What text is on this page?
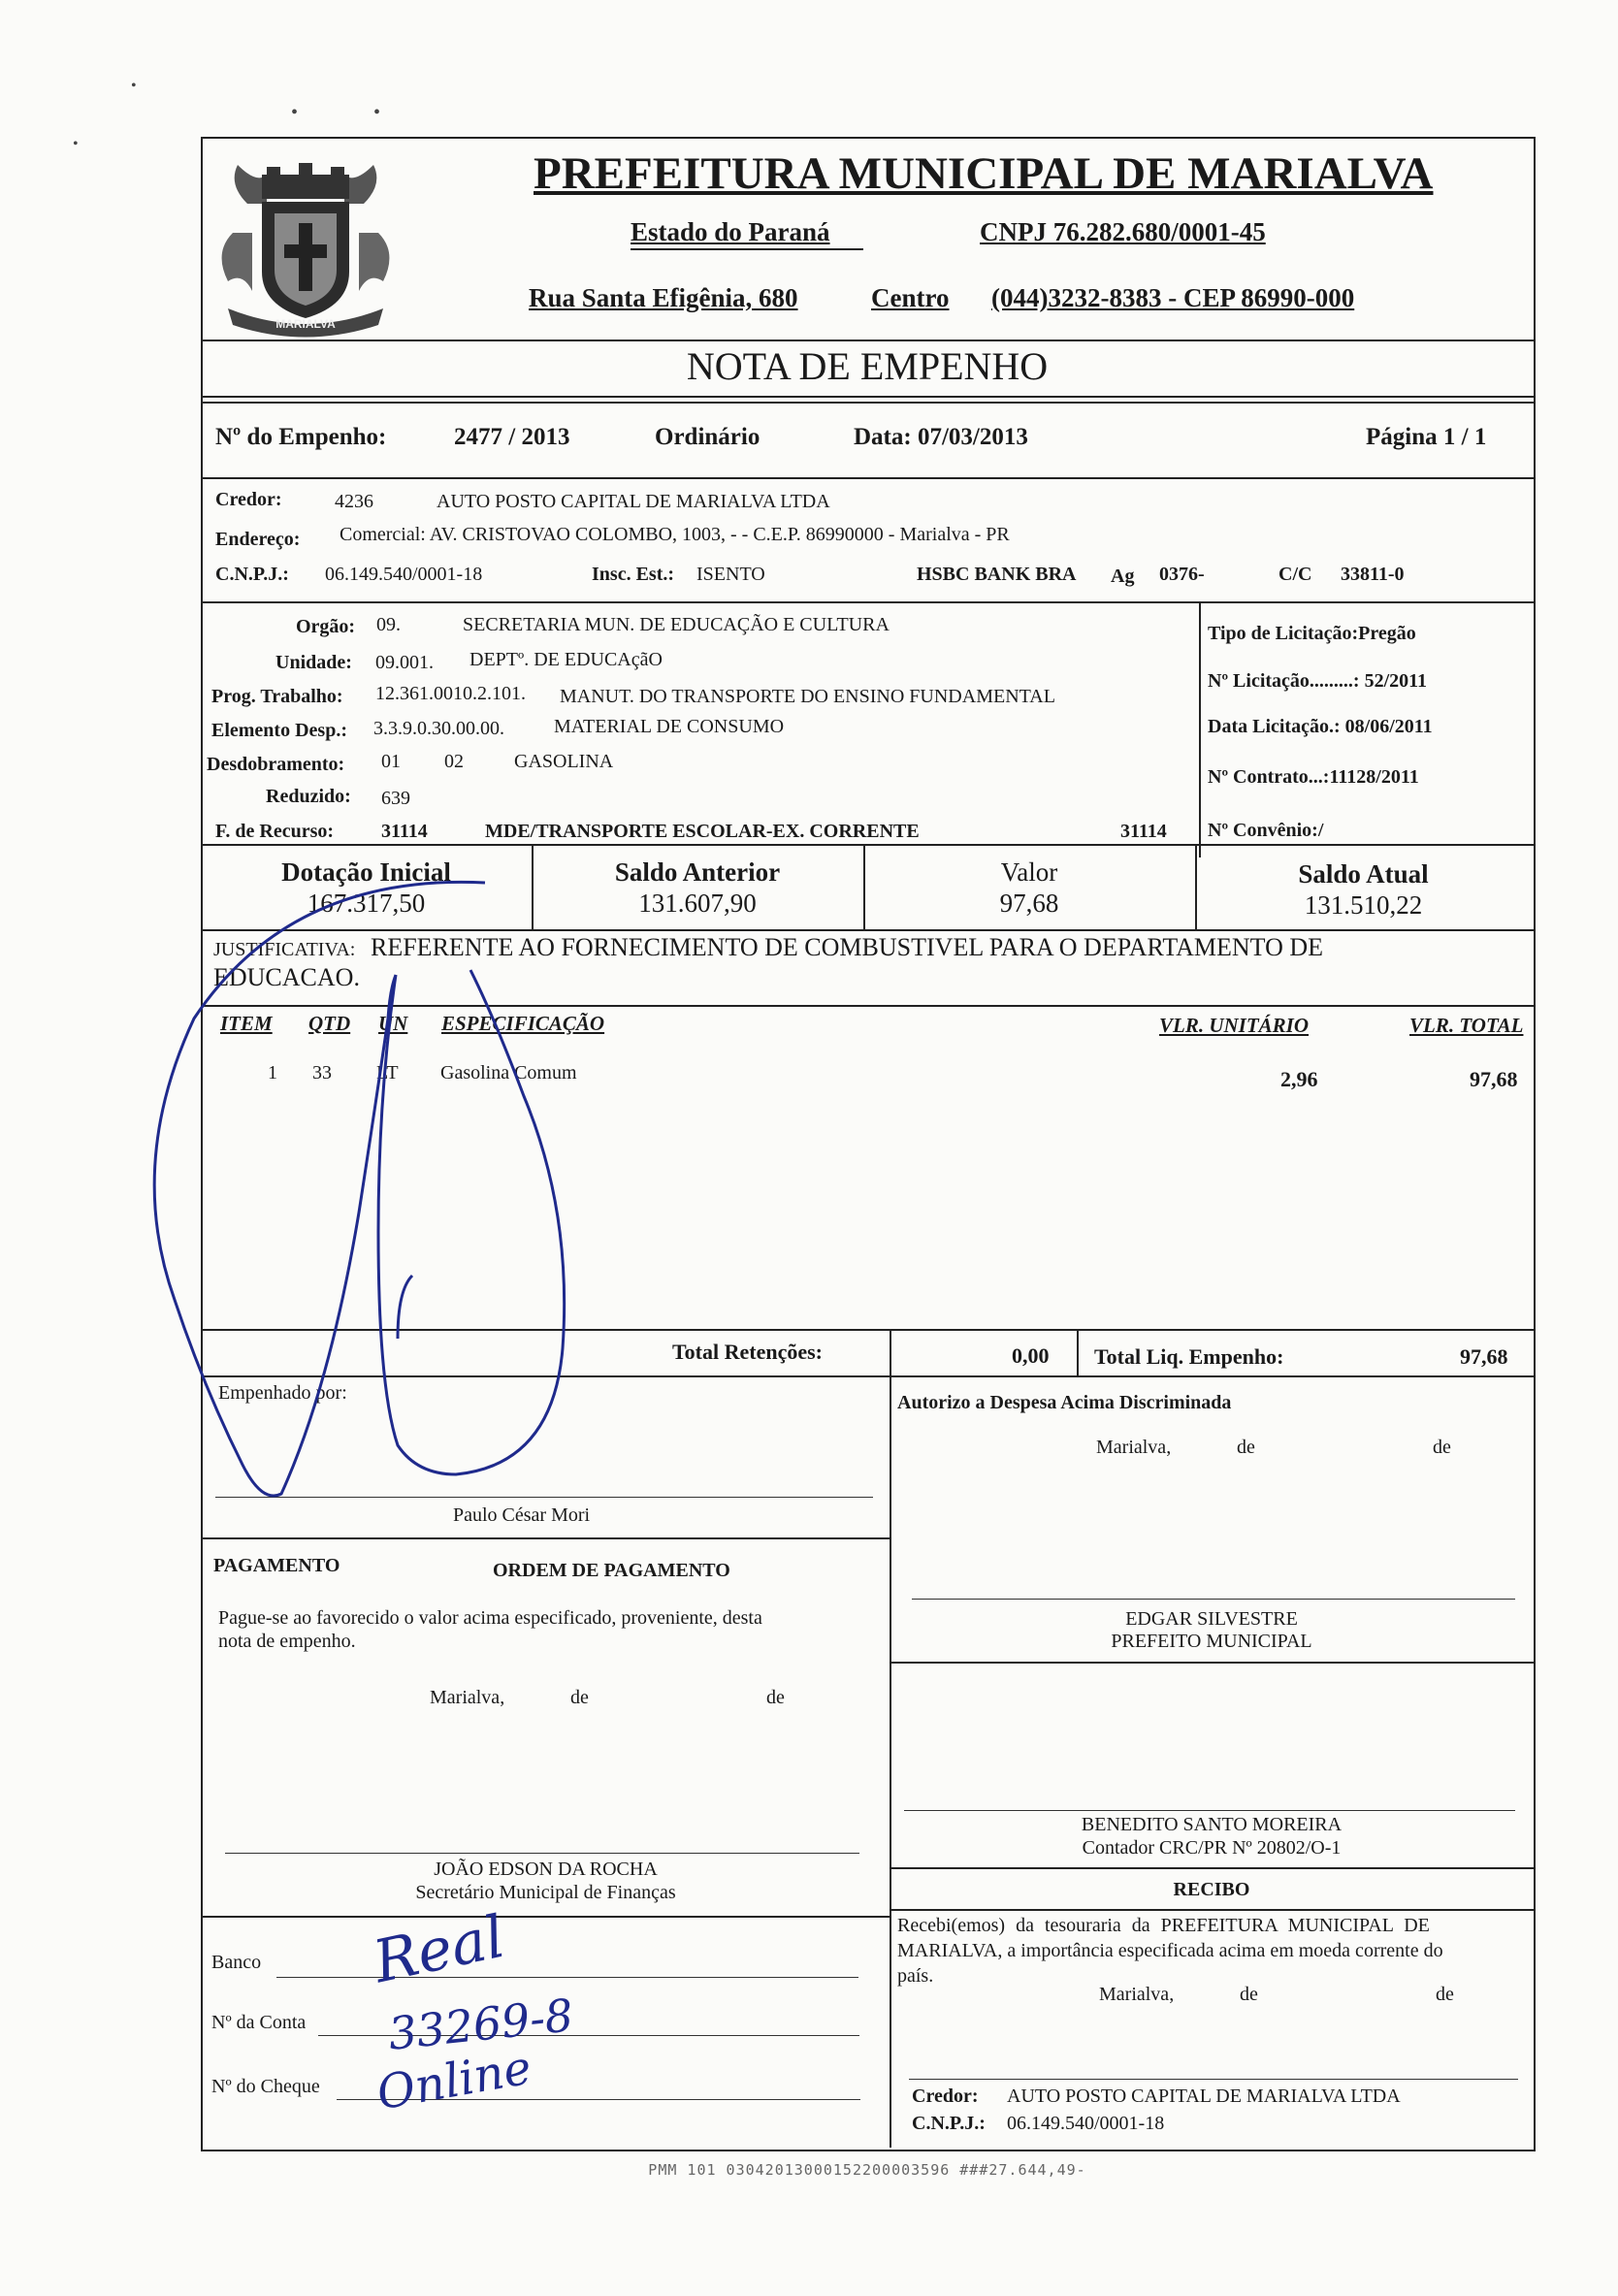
•	•
•
•
MARIALVA
PREFEITURA MUNICIPAL DE MARIALVA
Estado do Paraná	CNPJ 76.282.680/0001-45
Rua Santa Efigênia, 680	Centro (044)3232-8383 - CEP 86990-000
NOTA DE EMPENHO
Nº do Empenho:	2477 / 2013	Ordinário	Data: 07/03/2013	Página 1 / 1
Credor:	4236	AUTO POSTO CAPITAL DE MARIALVA LTDA
Endereço: Comercial: AV. CRISTOVAO COLOMBO, 1003, - - C.E.P. 86990000 - Marialva - PR
C.N.P.J.: 06.149.540/0001-18	Insc. Est.: ISENTO	HSBC BANK BRA Ag 0376-	C/C 33811-0
Orgão: 09.	SECRETARIA MUN. DE EDUCAÇÃO E CULTURA
Unidade: 09.001. DEPTº. DE EDUCAçãO
Prog. Trabalho: 12.361.0010.2.101. MANUT. DO TRANSPORTE DO ENSINO FUNDAMENTAL
Elemento Desp.: 3.3.9.0.30.00.00.	MATERIAL DE CONSUMO
Desdobramento: 01 02	GASOLINA
Reduzido: 639
F. de Recurso: 31114	MDE/TRANSPORTE ESCOLAR-EX. CORRENTE	31114
Tipo de Licitação:Pregão
Nº Licitação.........: 52/2011
Data Licitação.: 08/06/2011
Nº Contrato...:11128/2011
Nº Convênio:/
Dotação Inicial
167.317,50
Saldo Anterior
131.607,90
Valor
97,68
Saldo Atual
131.510,22
JUSTIFICATIVA: REFERENTE AO FORNECIMENTO DE COMBUSTIVEL PARA O DEPARTAMENTO DE
EDUCACAO.
ITEM QTD UN ESPECIFICAÇÃO	VLR. UNITÁRIO	VLR. TOTAL
1 33 LT Gasolina Comum	2,96	97,68
Total Retenções:	0,00 Total Liq. Empenho:	97,68
Empenhado por:
Paulo César Mori
Autorizo a Despesa Acima Discriminada
Marialva,	de	de
EDGAR SILVESTRE
PREFEITO MUNICIPAL
PAGAMENTO	ORDEM DE PAGAMENTO
Pague-se ao favorecido o valor acima especificado, proveniente, desta
nota de empenho.
Marialva,	de	de
JOÃO EDSON DA ROCHA
Secretário Municipal de Finanças
BENEDITO SANTO MOREIRA
Contador CRC/PR Nº 20802/O-1
RECIBO
Recebi(emos) da tesouraria da PREFEITURA MUNICIPAL DE
MARIALVA, a importância especificada acima em moeda corrente do
país.
Marialva,	de	de
Credor: AUTO POSTO CAPITAL DE MARIALVA LTDA
C.N.P.J.: 06.149.540/0001-18
Banco
Nº da Conta
Nº do Cheque
Real
33269-8
Online
PMM 101 03042013000152200003596 ###27.644,49-
